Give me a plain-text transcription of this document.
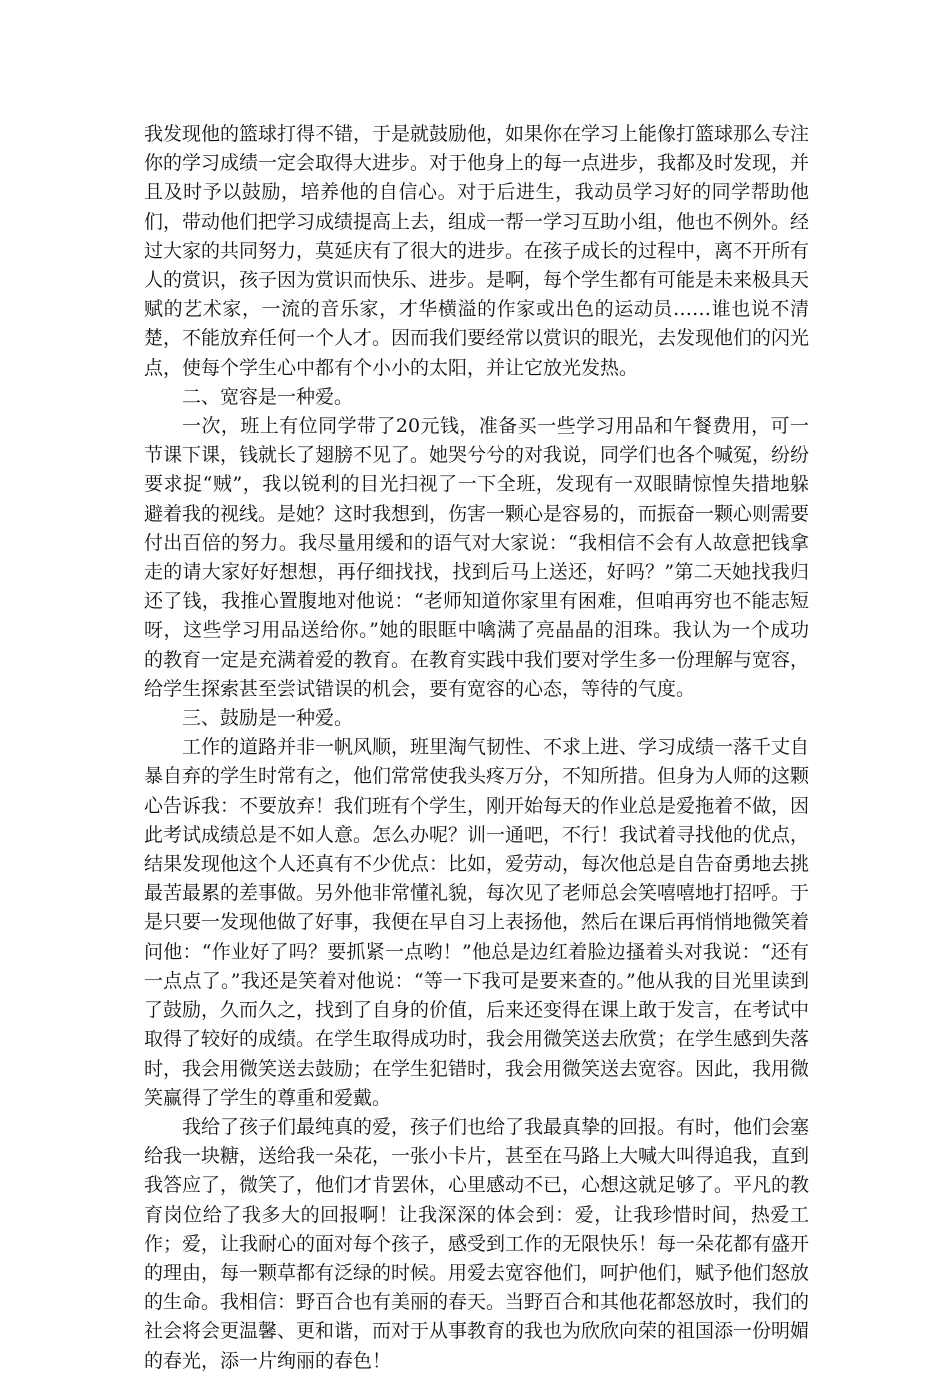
我发现他的篮球打得不错，于是就鼓励他，如果你在学习上能像打篮球那么专注你的学习成绩一定会取得大进步。对于他身上的每一点进步，我都及时发现，并且及时予以鼓励，培养他的自信心。对于后进生，我动员学习好的同学帮助他们，带动他们把学习成绩提高上去，组成一帮一学习互助小组，他也不例外。经过大家的共同努力，莫延庆有了很大的进步。在孩子成长的过程中，离不开所有人的赏识，孩子因为赏识而快乐、进步。是啊，每个学生都有可能是未来极具天赋的艺术家，一流的音乐家，才华横溢的作家或出色的运动员……谁也说不清楚，不能放弃任何一个人才。因而我们要经常以赏识的眼光，去发现他们的闪光点，使每个学生心中都有个小小的太阳，并让它放光发热。

二、宽容是一种爱。

一次，班上有位同学带了20元钱，准备买一些学习用品和午餐费用，可一节课下课，钱就长了翅膀不见了。她哭兮兮的对我说，同学们也各个喊冤，纷纷要求捉“贼”，我以锐利的目光扫视了一下全班，发现有一双眼睛惊惶失措地躲避着我的视线。是她？这时我想到，伤害一颗心是容易的，而振奋一颗心则需要付出百倍的努力。我尽量用缓和的语气对大家说：“我相信不会有人故意把钱拿走的请大家好好想想，再仔细找找，找到后马上送还，好吗？”第二天她找我归还了钱，我推心置腹地对他说：“老师知道你家里有困难，但咱再穷也不能志短呀，这些学习用品送给你。”她的眼眶中噙满了亮晶晶的泪珠。我认为一个成功的教育一定是充满着爱的教育。在教育实践中我们要对学生多一份理解与宽容，给学生探索甚至尝试错误的机会，要有宽容的心态，等待的气度。

三、鼓励是一种爱。

工作的道路并非一帆风顺，班里淘气韧性、不求上进、学习成绩一落千丈自暴自弃的学生时常有之，他们常常使我头疼万分，不知所措。但身为人师的这颗心告诉我：不要放弃！我们班有个学生，刚开始每天的作业总是爱拖着不做，因此考试成绩总是不如人意。怎么办呢？训一通吧，不行！我试着寻找他的优点，结果发现他这个人还真有不少优点：比如，爱劳动，每次他总是自告奋勇地去挑最苦最累的差事做。另外他非常懂礼貌，每次见了老师总会笑嘻嘻地打招呼。于是只要一发现他做了好事，我便在早自习上表扬他，然后在课后再悄悄地微笑着问他：“作业好了吗？要抓紧一点哟！”他总是边红着脸边搔着头对我说：“还有一点点了。”我还是笑着对他说：“等一下我可是要来查的。”他从我的目光里读到了鼓励，久而久之，找到了自身的价值，后来还变得在课上敢于发言，在考试中取得了较好的成绩。在学生取得成功时，我会用微笑送去欣赏；在学生感到失落时，我会用微笑送去鼓励；在学生犯错时，我会用微笑送去宽容。因此，我用微笑赢得了学生的尊重和爱戴。

我给了孩子们最纯真的爱，孩子们也给了我最真挚的回报。有时，他们会塞给我一块糖，送给我一朵花，一张小卡片，甚至在马路上大喊大叫得追我，直到我答应了，微笑了，他们才肯罢休，心里感动不已，心想这就足够了。平凡的教育岗位给了我多大的回报啊！让我深深的体会到：爱，让我珍惜时间，热爱工作；爱，让我耐心的面对每个孩子，感受到工作的无限快乐！每一朵花都有盛开的理由，每一颗草都有泛绿的时候。用爱去宽容他们，呵护他们，赋予他们怒放的生命。我相信：野百合也有美丽的春天。当野百合和其他花都怒放时，我们的社会将会更温馨、更和谐，而对于从事教育的我也为欣欣向荣的祖国添一份明媚的春光，添一片绚丽的春色！
